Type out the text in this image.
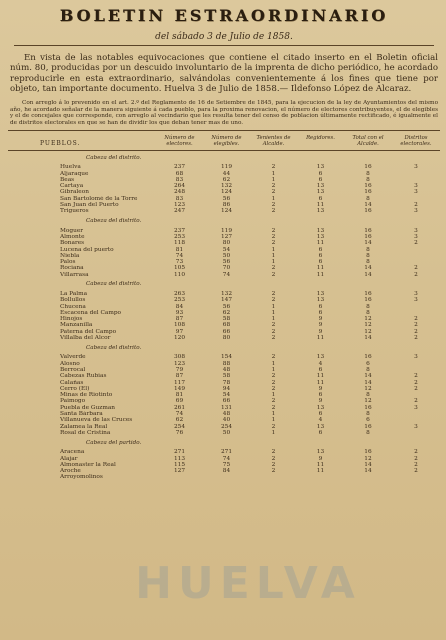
BOLETIN ESTRAORDINARIO
del sábado 3 de Julio de 1858.

En vista de las notables equivocaciones que contiene el citado inserto en el Boletin oficial núm. 80, producidas por un descuido involuntario de la imprenta de dicho periódico, he acordado reproducirle en esta extraordinario, salvándolas convenientemente á los fines que tiene por objeto, tan importante documento. Huelva 3 de Julio de 1858.— Ildefonso López de Alcaraz.

Con arreglo á lo prevenido en el art. 2.º del Reglamento de 16 de Setiembre de 1845, para la ejecucion de la ley de Ayuntamientos del mismo año, he acordado señalar de la manera siguiente á cada pueblo, para la proxima renovacion, el número de electores contribuyentes, el de elegibles y el de concejales que corresponde, con arreglo al vecindario que les resulta tener del censo de poblacion últimamente rectificado, é igualmente el de distritos electorales en que se han de dividir los que deban tener mas de uno.

PUEBLOS.	Número de electores.	Número de elegibles.	Tenientes de Alcalde.	Regidores.	Total con el Alcalde.	Distritos electorales.
Cabeza del distrito.						
Huelva	237	119	2	13	16	3
Aljaraque	68	44	1	6	8	
Beas	83	62	1	6	8	
Cartaya	264	132	2	13	16	3
Gibraleon	248	124	2	13	16	3
San Bartolomé de la Torre	83	56	1	6	8	
San Juan del Puerto	123	86	2	11	14	2
Trigueros	247	124	2	13	16	3
Cabeza del distrito.						
Moguer	237	119	2	13	16	3
Almonte	253	127	2	13	16	3
Bonares	118	80	2	11	14	2
Lucena del puerto	81	54	1	6	8	
Niebla	74	50	1	6	8	
Palos	73	56	1	6	8	
Rociana	105	70	2	11	14	2
Villarrasa	110	74	2	11	14	2
Cabeza del distrito.						
La Palma	263	132	2	13	16	3
Bollullos	253	147	2	13	16	3
Chucena	84	56	1	6	8	
Escacena del Campo	93	62	1	6	8	
Hinojos	87	58	1	9	12	2
Manzanilla	108	68	2	9	12	2
Paterna del Campo	97	66	2	9	12	2
Villalba del Alcor	120	80	2	11	14	2
Cabeza del distrito.						
Valverde	308	154	2	13	16	3
Alosno	123	88	1	4	6	
Berrocal	79	48	1	6	8	
Cabezas Rubias	87	58	2	11	14	2
Calañas	117	78	2	11	14	2
Cerro (El)	149	94	2	9	12	2
Minas de Riotinto	81	54	1	6	8	
Paimogo	69	66	2	9	12	2
Puebla de Guzman	261	131	2	13	16	3
Santa Bárbara	74	48	1	6	8	
Villanueva de las Cruces	62	40	1	4	6	
Zalamea la Real	254	254	2	13	16	3
Rosal de Cristina	76	50	1	6	8	
Cabeza del partido.						
Aracena	271	271	2	13	16	2
Alajar	113	74	2	9	12	2
Almonaster la Real	115	75	2	11	14	2
Aroche	127	84	2	11	14	2
Arroyomolinos						
HUELVA
